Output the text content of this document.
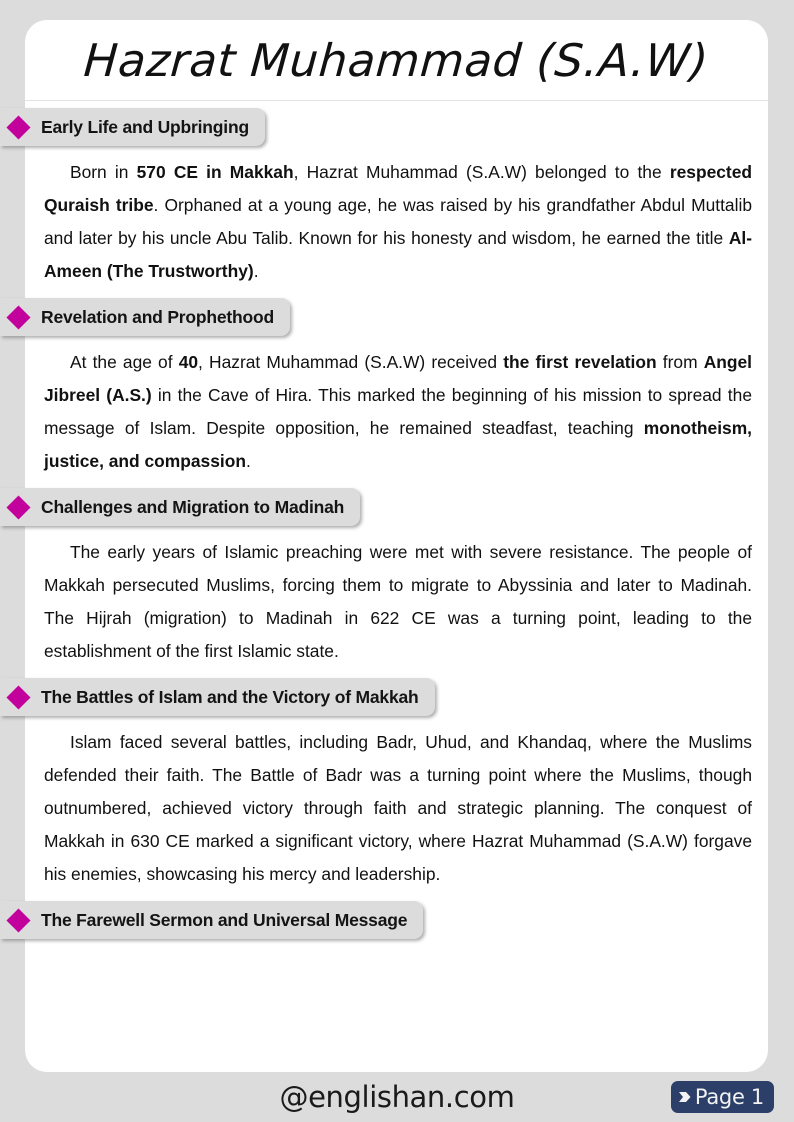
Hazrat Muhammad (S.A.W)
Early Life and Upbringing

Born in 570 CE in Makkah, Hazrat Muhammad (S.A.W) belonged to the respected Quraish tribe. Orphaned at a young age, he was raised by his grandfather Abdul Muttalib and later by his uncle Abu Talib. Known for his honesty and wisdom, he earned the title Al-Ameen (The Trustworthy).

Revelation and Prophethood

At the age of 40, Hazrat Muhammad (S.A.W) received the first revelation from Angel Jibreel (A.S.) in the Cave of Hira. This marked the beginning of his mission to spread the message of Islam. Despite opposition, he remained steadfast, teaching monotheism, justice, and compassion.

Challenges and Migration to Madinah

The early years of Islamic preaching were met with severe resistance. The people of Makkah persecuted Muslims, forcing them to migrate to Abyssinia and later to Madinah. The Hijrah (migration) to Madinah in 622 CE was a turning point, leading to the establishment of the first Islamic state.

The Battles of Islam and the Victory of Makkah

Islam faced several battles, including Badr, Uhud, and Khandaq, where the Muslims defended their faith. The Battle of Badr was a turning point where the Muslims, though outnumbered, achieved victory through faith and strategic planning. The conquest of Makkah in 630 CE marked a significant victory, where Hazrat Muhammad (S.A.W) forgave his enemies, showcasing his mercy and leadership.

The Farewell Sermon and Universal Message
@englishan.com	Page 1
